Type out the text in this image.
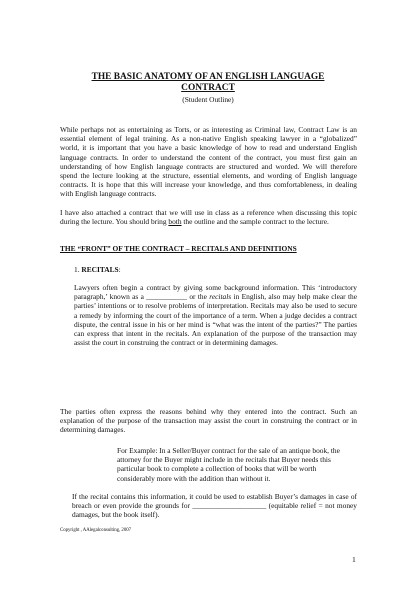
THE BASIC ANATOMY OF AN ENGLISH LANGUAGE
CONTRACT

(Student Outline)

While perhaps not as entertaining as Torts, or as interesting as Criminal law, Contract Law is an essential element of legal training. As a non-native English speaking lawyer in a “globalized” world, it is important that you have a basic knowledge of how to read and understand English language contracts. In order to understand the content of the contract, you must first gain an understanding of how English language contracts are structured and worded. We will therefore spend the lecture looking at the structure, essential elements, and wording of English language contracts. It is hope that this will increase your knowledge, and thus comfortableness, in dealing with English language contracts.

I have also attached a contract that we will use in class as a reference when discussing this topic during the lecture. You should bring both the outline and the sample contract to the lecture.

THE “FRONT” OF THE CONTRACT – RECITALS AND DEFINITIONS

1. RECITALS:

Lawyers often begin a contract by giving some background information. This ‘introductory paragraph,’ known as a ___________ or the recitals in English, also may help make clear the parties’ intentions or to resolve problems of interpretation. Recitals may also be used to secure a remedy by informing the court of the importance of a term. When a judge decides a contract dispute, the central issue in his or her mind is “what was the intent of the parties?” The parties can express that intent in the recitals. An explanation of the purpose of the transaction may assist the court in construing the contract or in determining damages.

The parties often express the reasons behind why they entered into the contract. Such an explanation of the purpose of the transaction may assist the court in construing the contract or in determining damages.

For Example: In a Seller/Buyer contract for the sale of an antique book, the attorney for the Buyer might include in the recitals that Buyer needs this particular book to complete a collection of books that will be worth considerably more with the addition than without it.

If the recital contains this information, it could be used to establish Buyer’s damages in case of breach or even provide the grounds for ____________________ (equitable relief = not money damages, but the book itself).

Copyright , AAlegalconsulting, 2007

1
